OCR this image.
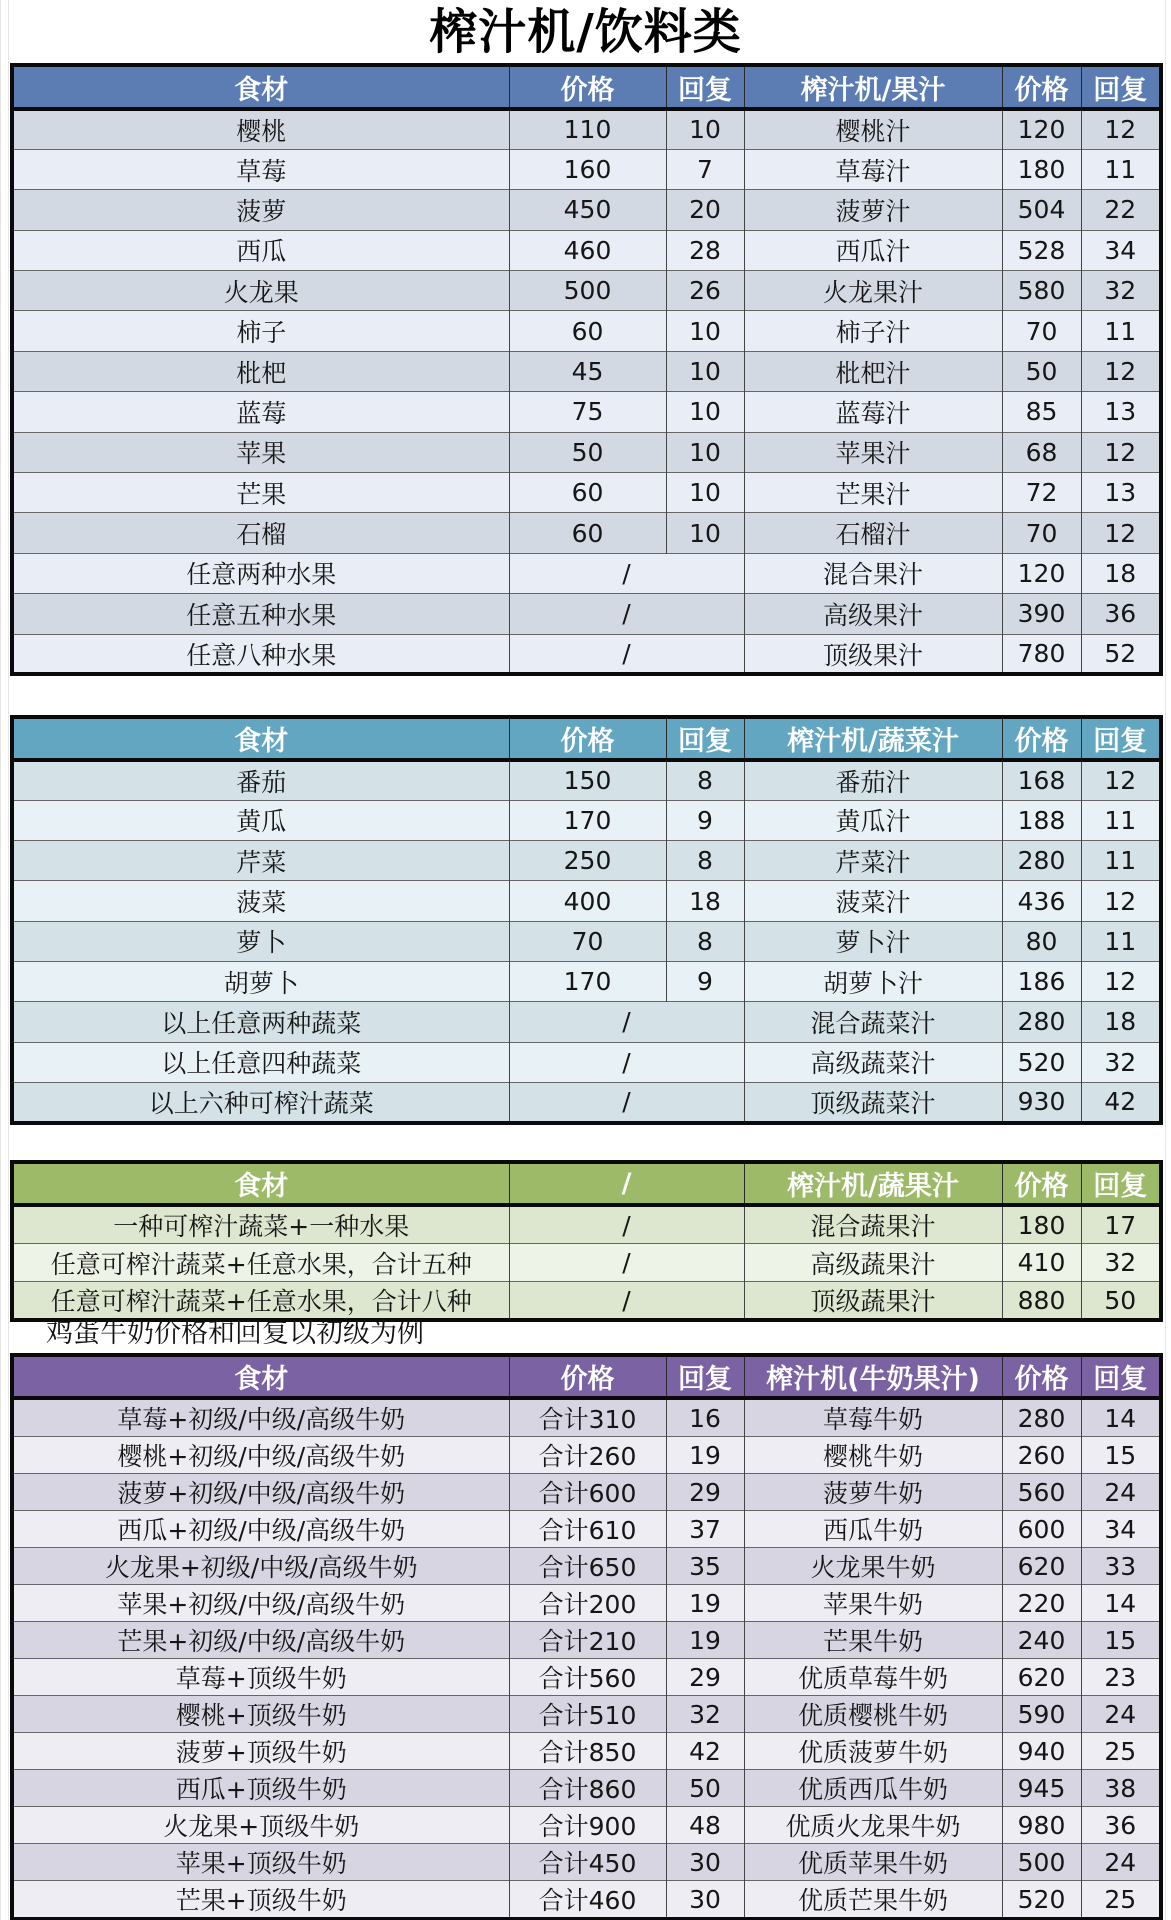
榨汁机/饮料类
食材	价格	回复	榨汁机/果汁	价格	回复
樱桃	110	10	樱桃汁	120	12
草莓	160	7	草莓汁	180	11
菠萝	450	20	菠萝汁	504	22
西瓜	460	28	西瓜汁	528	34
火龙果	500	26	火龙果汁	580	32
柿子	60	10	柿子汁	70	11
枇杷	45	10	枇杷汁	50	12
蓝莓	75	10	蓝莓汁	85	13
苹果	50	10	苹果汁	68	12
芒果	60	10	芒果汁	72	13
石榴	60	10	石榴汁	70	12
任意两种水果	/		混合果汁	120	18
任意五种水果	/		高级果汁	390	36
任意八种水果	/		顶级果汁	780	52
食材	价格	回复	榨汁机/蔬菜汁	价格	回复
番茄	150	8	番茄汁	168	12
黄瓜	170	9	黄瓜汁	188	11
芹菜	250	8	芹菜汁	280	11
菠菜	400	18	菠菜汁	436	12
萝卜	70	8	萝卜汁	80	11
胡萝卜	170	9	胡萝卜汁	186	12
以上任意两种蔬菜	/		混合蔬菜汁	280	18
以上任意四种蔬菜	/		高级蔬菜汁	520	32
以上六种可榨汁蔬菜	/		顶级蔬菜汁	930	42
食材	/	榨汁机/蔬果汁	价格	回复
一种可榨汁蔬菜+一种水果	/	混合蔬果汁	180	17
任意可榨汁蔬菜+任意水果，合计五种	/	高级蔬果汁	410	32
任意可榨汁蔬菜+任意水果，合计八种	/	顶级蔬果汁	880	50
鸡蛋牛奶价格和回复以初级为例
食材	价格	回复	榨汁机(牛奶果汁)	价格	回复
草莓+初级/中级/高级牛奶	合计310	16	草莓牛奶	280	14
樱桃+初级/中级/高级牛奶	合计260	19	樱桃牛奶	260	15
菠萝+初级/中级/高级牛奶	合计600	29	菠萝牛奶	560	24
西瓜+初级/中级/高级牛奶	合计610	37	西瓜牛奶	600	34
火龙果+初级/中级/高级牛奶	合计650	35	火龙果牛奶	620	33
苹果+初级/中级/高级牛奶	合计200	19	苹果牛奶	220	14
芒果+初级/中级/高级牛奶	合计210	19	芒果牛奶	240	15
草莓+顶级牛奶	合计560	29	优质草莓牛奶	620	23
樱桃+顶级牛奶	合计510	32	优质樱桃牛奶	590	24
菠萝+顶级牛奶	合计850	42	优质菠萝牛奶	940	25
西瓜+顶级牛奶	合计860	50	优质西瓜牛奶	945	38
火龙果+顶级牛奶	合计900	48	优质火龙果牛奶	980	36
苹果+顶级牛奶	合计450	30	优质苹果牛奶	500	24
芒果+顶级牛奶	合计460	30	优质芒果牛奶	520	25
